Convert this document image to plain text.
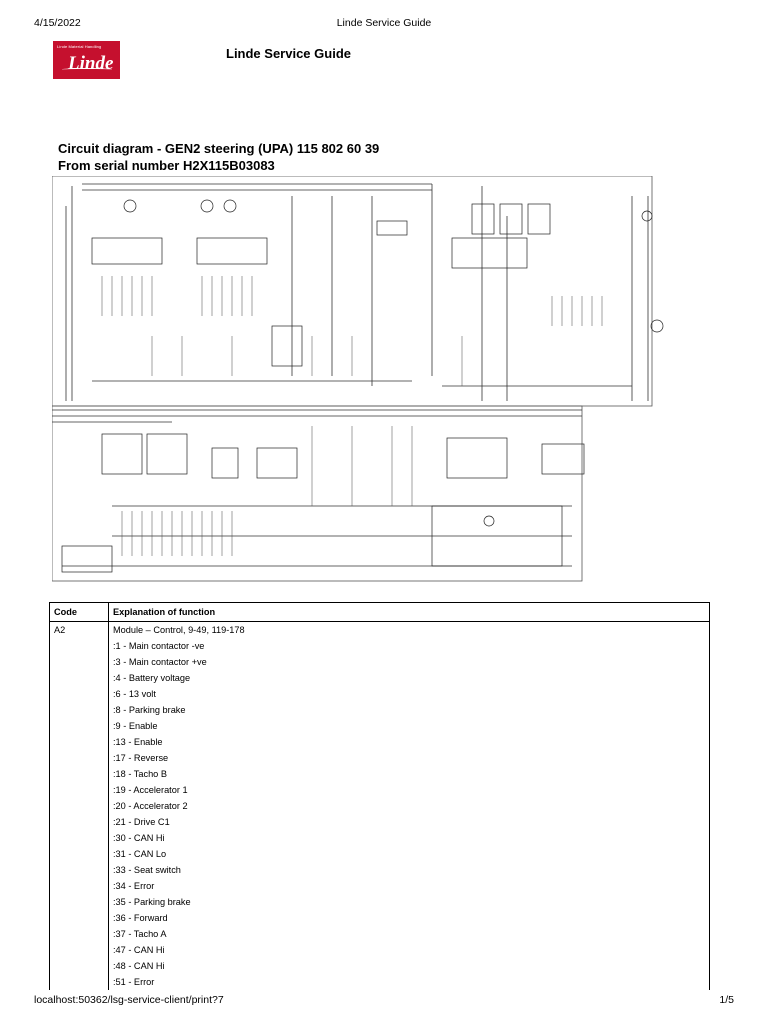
4/15/2022	Linde Service Guide
Linde Material Handling
Linde	Linde Service Guide
Circuit diagram - GEN2 steering (UPA) 115 802 60 39
From serial number H2X115B03083
Code	Explanation of function
A2	Module – Control, 9-49, 119-178
	:1 - Main contactor -ve
	:3 - Main contactor +ve
	:4 - Battery voltage
	:6 - 13 volt
	:8 - Parking brake
	:9 - Enable
	:13 - Enable
	:17 - Reverse
	:18 - Tacho B
	:19 - Accelerator 1
	:20 - Accelerator 2
	:21 - Drive C1
	:30 - CAN Hi
	:31 - CAN Lo
	:33 - Seat switch
	:34 - Error
	:35 - Parking brake
	:36 - Forward
	:37 - Tacho A
	:47 - CAN Hi
	:48 - CAN Hi
	:51 - Error
localhost:50362/lsg-service-client/print?7	1/5
